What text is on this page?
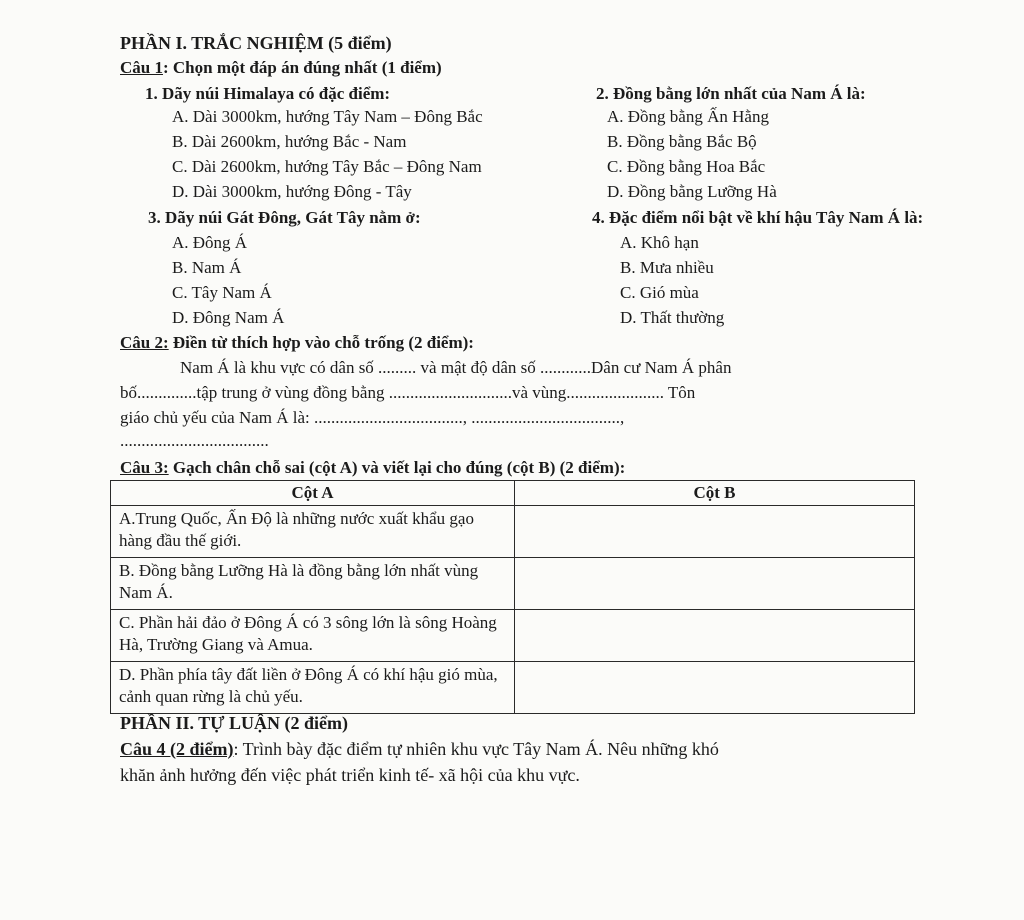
PHẦN I. TRẮC NGHIỆM (5 điểm)
Câu 1: Chọn một đáp án đúng nhất (1 điểm)
1. Dãy núi Himalaya có đặc điểm:
A. Dài 3000km, hướng Tây Nam – Đông Bắc
B. Dài 2600km, hướng Bắc - Nam
C. Dài 2600km, hướng Tây Bắc – Đông Nam
D. Dài 3000km, hướng Đông - Tây
2. Đồng bằng lớn nhất của Nam Á là:
A. Đồng bằng Ấn Hằng
B. Đồng bằng Bắc Bộ
C. Đồng bằng Hoa Bắc
D. Đồng bằng Lưỡng Hà
3. Dãy núi Gát Đông, Gát Tây nằm ở:
A. Đông Á
B. Nam Á
C. Tây Nam Á
D. Đông Nam Á
4. Đặc điểm nổi bật về khí hậu Tây Nam Á là:
A. Khô hạn
B. Mưa nhiều
C. Gió mùa
D. Thất thường
Câu 2: Điền từ thích hợp vào chỗ trống (2 điểm):
Nam Á là khu vực có dân số ......... và mật độ dân số ............Dân cư Nam Á phân
bố..............tập trung ở vùng đồng bằng .............................và vùng....................... Tôn
giáo chủ yếu của Nam Á là: ..................................., ...................................,
...................................
Câu 3: Gạch chân chỗ sai (cột A) và viết lại cho đúng (cột B) (2 điểm):
Cột A	Cột B
A.Trung Quốc, Ấn Độ là những nước xuất khẩu gạo hàng đầu thế giới.	
B. Đồng bằng Lưỡng Hà là đồng bằng lớn nhất vùng Nam Á.	
C. Phần hải đảo ở Đông Á có 3 sông lớn là sông Hoàng Hà, Trường Giang và Amua.	
D. Phần phía tây đất liền ở Đông Á có khí hậu gió mùa, cảnh quan rừng là chủ yếu.	
PHẦN II. TỰ LUẬN (2 điểm)
Câu 4 (2 điểm): Trình bày đặc điểm tự nhiên khu vực Tây Nam Á. Nêu những khó
khăn ảnh hưởng đến việc phát triển kinh tế- xã hội của khu vực.
